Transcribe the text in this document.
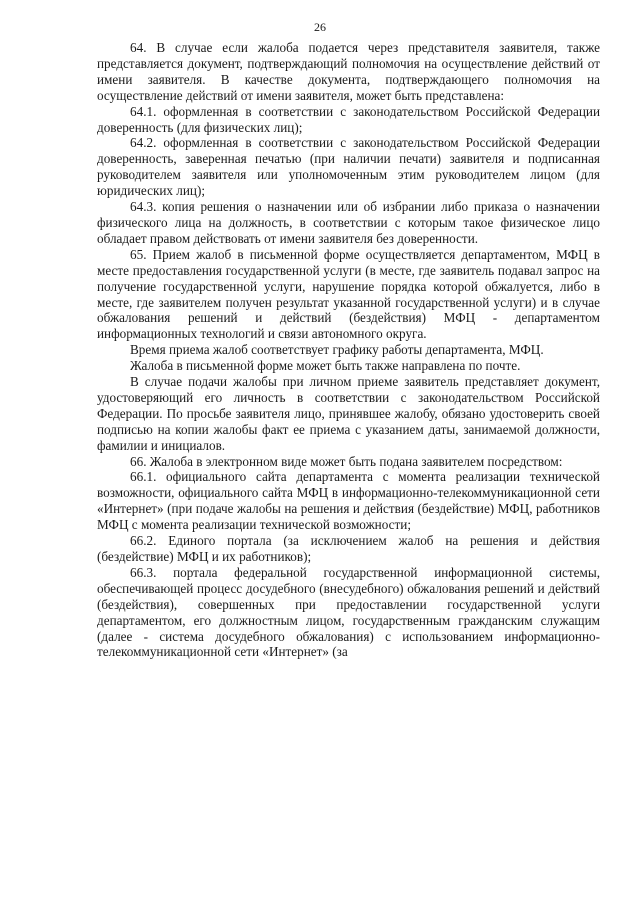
26

64. В случае если жалоба подается через представителя заявителя, также представляется документ, подтверждающий полномочия на осуществление действий от имени заявителя. В качестве документа, подтверждающего полномочия на осуществление действий от имени заявителя, может быть представлена:

64.1. оформленная в соответствии с законодательством Российской Федерации доверенность (для физических лиц);

64.2. оформленная в соответствии с законодательством Российской Федерации доверенность, заверенная печатью (при наличии печати) заявителя и подписанная руководителем заявителя или уполномоченным этим руководителем лицом (для юридических лиц);

64.3. копия решения о назначении или об избрании либо приказа о назначении физического лица на должность, в соответствии с которым такое физическое лицо обладает правом действовать от имени заявителя без доверенности.

65. Прием жалоб в письменной форме осуществляется департаментом, МФЦ в месте предоставления государственной услуги (в месте, где заявитель подавал запрос на получение государственной услуги, нарушение порядка которой обжалуется, либо в месте, где заявителем получен результат указанной государственной услуги) и в случае обжалования решений и действий (бездействия) МФЦ - департаментом информационных технологий и связи автономного округа.

Время приема жалоб соответствует графику работы департамента, МФЦ.

Жалоба в письменной форме может быть также направлена по почте.

В случае подачи жалобы при личном приеме заявитель представляет документ, удостоверяющий его личность в соответствии с законодательством Российской Федерации. По просьбе заявителя лицо, принявшее жалобу, обязано удостоверить своей подписью на копии жалобы факт ее приема с указанием даты, занимаемой должности, фамилии и инициалов.

66. Жалоба в электронном виде может быть подана заявителем посредством:

66.1. официального сайта департамента с момента реализации технической возможности, официального сайта МФЦ в информационно-телекоммуникационной сети «Интернет» (при подаче жалобы на решения и действия (бездействие) МФЦ, работников МФЦ с момента реализации технической возможности;

66.2. Единого портала (за исключением жалоб на решения и действия (бездействие) МФЦ и их работников);

66.3. портала федеральной государственной информационной системы, обеспечивающей процесс досудебного (внесудебного) обжалования решений и действий (бездействия), совершенных при предоставлении государственной услуги департаментом, его должностным лицом, государственным гражданским служащим (далее - система досудебного обжалования) с использованием информационно-телекоммуникационной сети «Интернет» (за
